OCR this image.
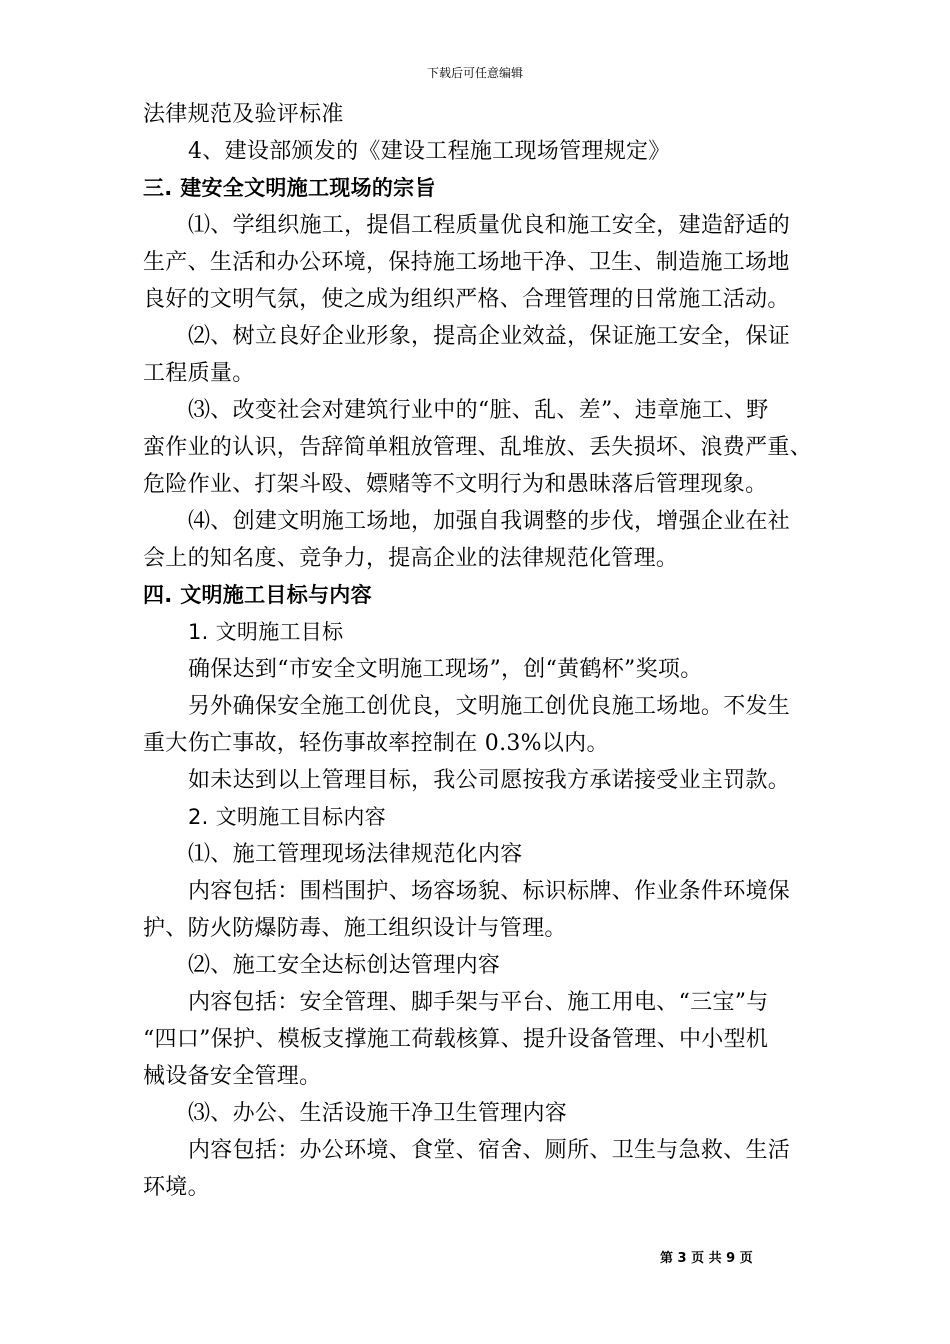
下载后可任意编辑
法律规范及验评标准
4、建设部颁发的《建设工程施工现场管理规定》
三. 建安全文明施工现场的宗旨
⑴、学组织施工，提倡工程质量优良和施工安全，建造舒适的
生产、生活和办公环境，保持施工场地干净、卫生、制造施工场地
良好的文明气氛，使之成为组织严格、合理管理的日常施工活动。
⑵、树立良好企业形象，提高企业效益，保证施工安全，保证
工程质量。
⑶、改变社会对建筑行业中的“脏、乱、差”、违章施工、野
蛮作业的认识，告辞简单粗放管理、乱堆放、丢失损坏、浪费严重、
危险作业、打架斗殴、嫖赌等不文明行为和愚昧落后管理现象。
⑷、创建文明施工场地，加强自我调整的步伐，增强企业在社
会上的知名度、竞争力，提高企业的法律规范化管理。
四. 文明施工目标与内容
1. 文明施工目标
确保达到“市安全文明施工现场”，创“黄鹤杯”奖项。
另外确保安全施工创优良，文明施工创优良施工场地。不发生
重大伤亡事故，轻伤事故率控制在 0.3%以内。
如未达到以上管理目标，我公司愿按我方承诺接受业主罚款。
2. 文明施工目标内容
⑴、施工管理现场法律规范化内容
内容包括：围档围护、场容场貌、标识标牌、作业条件环境保
护、防火防爆防毒、施工组织设计与管理。
⑵、施工安全达标创达管理内容
内容包括：安全管理、脚手架与平台、施工用电、“三宝”与
“四口”保护、模板支撑施工荷载核算、提升设备管理、中小型机
械设备安全管理。
⑶、办公、生活设施干净卫生管理内容
内容包括：办公环境、食堂、宿舍、厕所、卫生与急救、生活
环境。
第 3 页 共 9 页
